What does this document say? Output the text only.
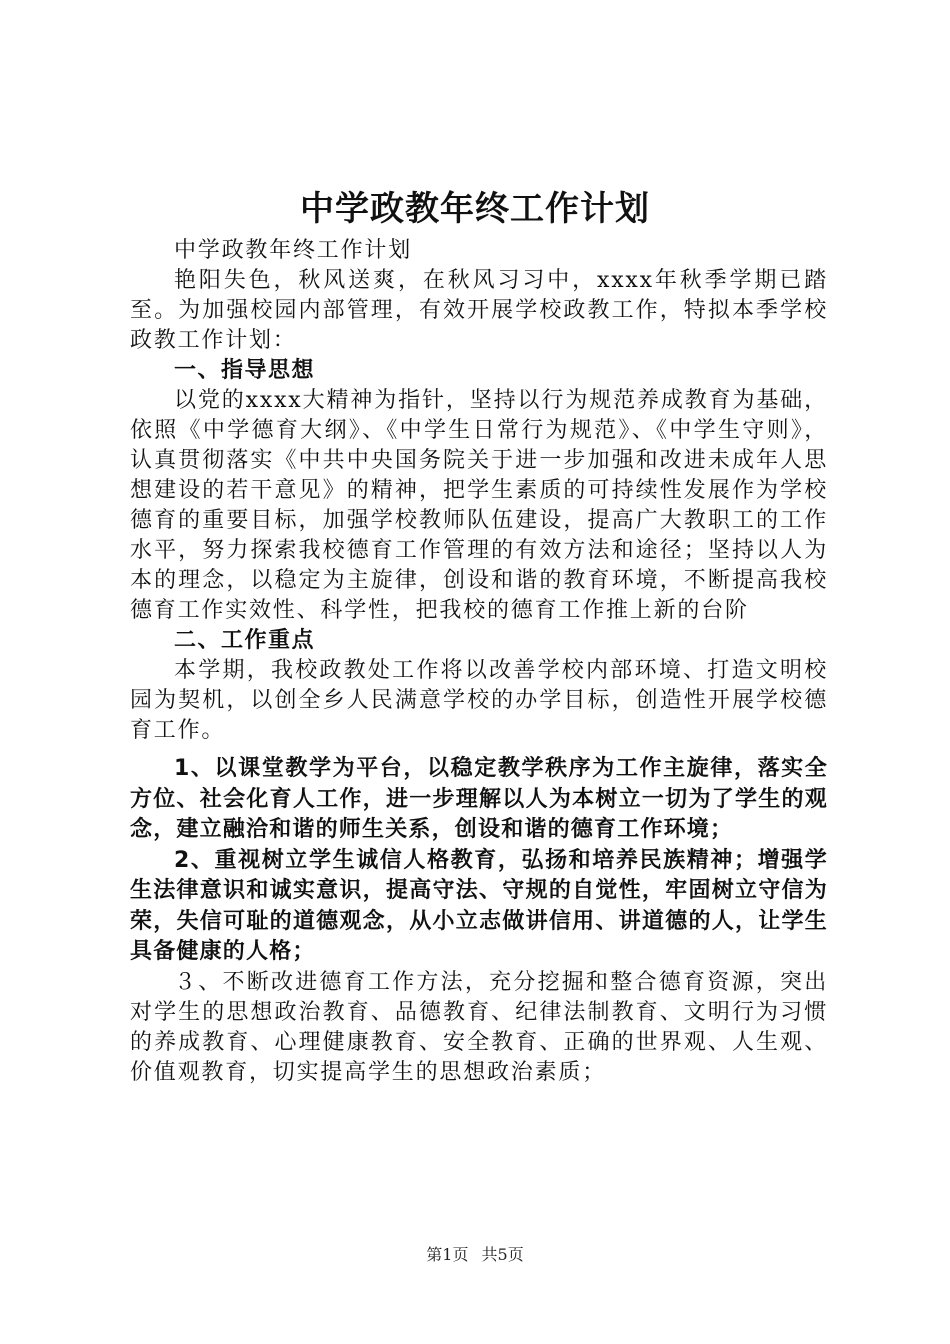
中学政教年终工作计划

中学政教年终工作计划

艳阳失色，秋风送爽，在秋风习习中，xxxx年秋季学期已踏至。为加强校园内部管理，有效开展学校政教工作，特拟本季学校政教工作计划：

一、指导思想

以党的xxxx大精神为指针，坚持以行为规范养成教育为基础，依照《中学德育大纲》、《中学生日常行为规范》、《中学生守则》，认真贯彻落实《中共中央国务院关于进一步加强和改进未成年人思想建设的若干意见》的精神，把学生素质的可持续性发展作为学校德育的重要目标，加强学校教师队伍建设，提高广大教职工的工作水平，努力探索我校德育工作管理的有效方法和途径；坚持以人为本的理念，以稳定为主旋律，创设和谐的教育环境，不断提高我校德育工作实效性、科学性，把我校的德育工作推上新的台阶

二、工作重点

本学期，我校政教处工作将以改善学校内部环境、打造文明校园为契机，以创全乡人民满意学校的办学目标，创造性开展学校德育工作。

1、以课堂教学为平台，以稳定教学秩序为工作主旋律，落实全方位、社会化育人工作，进一步理解以人为本树立一切为了学生的观念，建立融洽和谐的师生关系，创设和谐的德育工作环境；

2、重视树立学生诚信人格教育，弘扬和培养民族精神；增强学生法律意识和诚实意识，提高守法、守规的自觉性，牢固树立守信为荣，失信可耻的道德观念，从小立志做讲信用、讲道德的人，让学生具备健康的人格；

３、不断改进德育工作方法，充分挖掘和整合德育资源，突出对学生的思想政治教育、品德教育、纪律法制教育、文明行为习惯的养成教育、心理健康教育、安全教育、正确的世界观、人生观、价值观教育，切实提高学生的思想政治素质；

第1页 共5页
